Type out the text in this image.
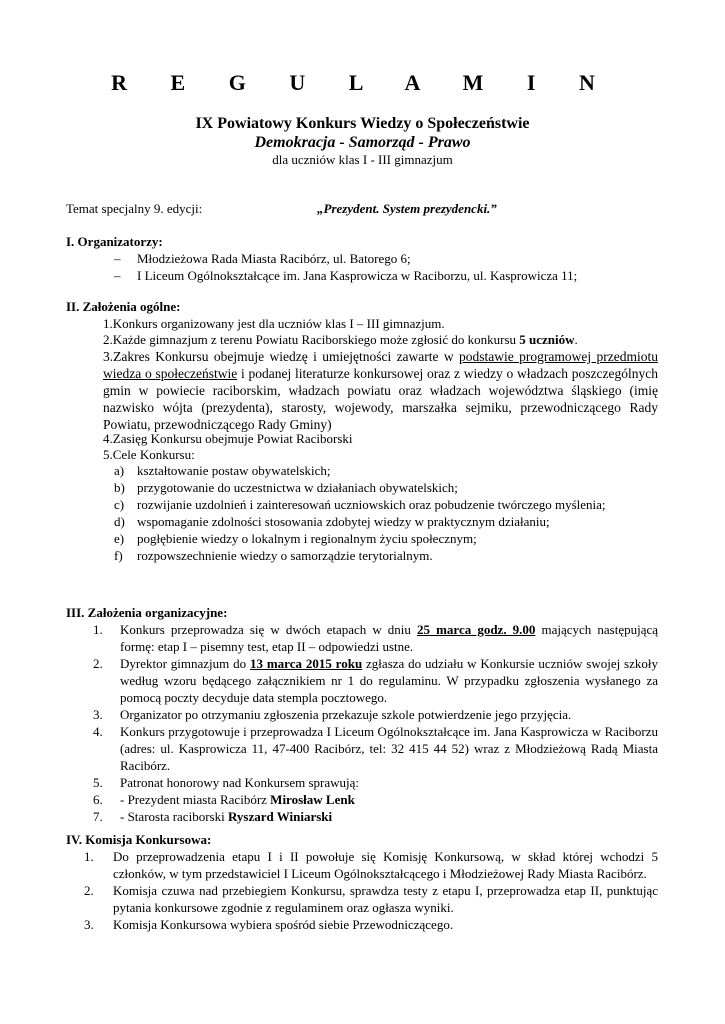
R E G U L A M I N
IX Powiatowy Konkurs Wiedzy o Społeczeństwie
Demokracja - Samorząd - Prawo
dla uczniów klas I - III gimnazjum
Temat specjalny 9. edycji:	„Prezydent. System prezydencki.”
I. Organizatorzy:
– Młodzieżowa Rada Miasta Racibórz, ul. Batorego 6;
– I Liceum Ogólnokształcące im. Jana Kasprowicza w Raciborzu, ul. Kasprowicza 11;
II. Założenia ogólne:
1.Konkurs organizowany jest dla uczniów klas I – III gimnazjum.
2.Każde gimnazjum z terenu Powiatu Raciborskiego może zgłosić do konkursu 5 uczniów.
3.Zakres Konkursu obejmuje wiedzę i umiejętności zawarte w podstawie programowej przedmiotu wiedza o społeczeństwie i podanej literaturze konkursowej oraz z wiedzy o władzach poszczególnych gmin w powiecie raciborskim, władzach powiatu oraz władzach województwa śląskiego (imię nazwisko wójta (prezydenta), starosty, wojewody, marszałka sejmiku, przewodniczącego Rady Powiatu, przewodniczącego Rady Gminy)
4.Zasięg Konkursu obejmuje Powiat Raciborski
5.Cele Konkursu:
a) kształtowanie postaw obywatelskich;
b) przygotowanie do uczestnictwa w działaniach obywatelskich;
c) rozwijanie uzdolnień i zainteresowań uczniowskich oraz pobudzenie twórczego myślenia;
d) wspomaganie zdolności stosowania zdobytej wiedzy w praktycznym działaniu;
e) pogłębienie wiedzy o lokalnym i regionalnym życiu społecznym;
f) rozpowszechnienie wiedzy o samorządzie terytorialnym.
III. Założenia organizacyjne:
1. Konkurs przeprowadza się w dwóch etapach w dniu 25 marca godz. 9.00 mających następującą formę: etap I – pisemny test, etap II – odpowiedzi ustne.
2. Dyrektor gimnazjum do 13 marca 2015 roku zgłasza do udziału w Konkursie uczniów swojej szkoły według wzoru będącego załącznikiem nr 1 do regulaminu. W przypadku zgłoszenia wysłanego za pomocą poczty decyduje data stempla pocztowego.
3. Organizator po otrzymaniu zgłoszenia przekazuje szkole potwierdzenie jego przyjęcia.
4. Konkurs przygotowuje i przeprowadza I Liceum Ogólnokształcące im. Jana Kasprowicza w Raciborzu (adres: ul. Kasprowicza 11, 47-400 Racibórz, tel: 32 415 44 52) wraz z Młodzieżową Radą Miasta Racibórz.
5. Patronat honorowy nad Konkursem sprawują:
6. - Prezydent miasta Racibórz Mirosław Lenk
7. - Starosta raciborski Ryszard Winiarski
IV. Komisja Konkursowa:
1. Do przeprowadzenia etapu I i II powołuje się Komisję Konkursową, w skład której wchodzi 5 członków, w tym przedstawiciel I Liceum Ogólnokształcącego i Młodzieżowej Rady Miasta Racibórz.
2. Komisja czuwa nad przebiegiem Konkursu, sprawdza testy z etapu I, przeprowadza etap II, punktując pytania konkursowe zgodnie z regulaminem oraz ogłasza wyniki.
3. Komisja Konkursowa wybiera spośród siebie Przewodniczącego.
